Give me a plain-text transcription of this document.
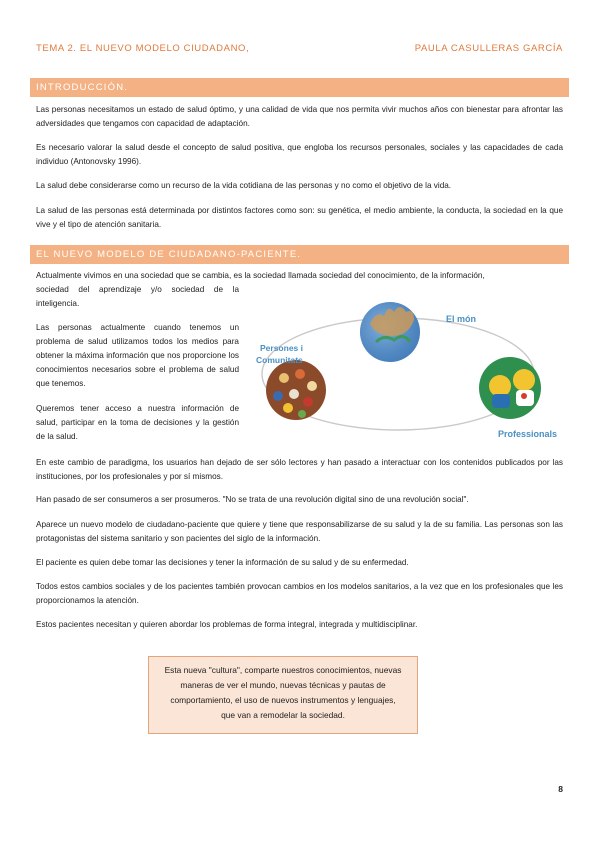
TEMA 2. EL NUEVO MODELO CIUDADANO,	PAULA CASULLERAS GARCÍA
INTRODUCCIÓN.
Las personas necesitamos un estado de salud óptimo, y una calidad de vida que nos permita vivir muchos años con bienestar para afrontar las adversidades que tengamos con capacidad de adaptación.
Es necesario valorar la salud desde el concepto de salud positiva, que engloba los recursos personales, sociales y las capacidades de cada individuo (Antonovsky 1996).
La salud debe considerarse como un recurso de la vida cotidiana de las personas y no como el objetivo de la vida.
La salud de las personas está determinada por distintos factores como son: su genética, el medio ambiente, la conducta, la sociedad en la que vive y el tipo de atención sanitaria.
EL NUEVO MODELO DE CIUDADANO-PACIENTE.
Actualmente vivimos en una sociedad que se cambia, es la sociedad llamada sociedad del conocimiento, de la información,
sociedad del aprendizaje y/o sociedad de la inteligencia.
Las personas actualmente cuando tenemos un problema de salud utilizamos todos los medios para obtener la máxima información que nos proporcione los conocimientos necesarios sobre el problema de salud que tenemos.
Queremos tener acceso a nuestra información de salud, participar en la toma de decisiones y la gestión de la salud.
El món
Persones i
Comunitats
Professionals
En este cambio de paradigma, los usuarios han dejado de ser sólo lectores y han pasado a interactuar con los contenidos publicados por las instituciones, por los profesionales y por sí mismos.
Han pasado de ser consumeros a ser prosumeros. "No se trata de una revolución digital sino de una revolución social".
Aparece un nuevo modelo de ciudadano-paciente que quiere y tiene que responsabilizarse de su salud y la de su familia. Las personas son las protagonistas del sistema sanitario y son pacientes del siglo de la información.
El paciente es quien debe tomar las decisiones y tener la información de su salud y de su enfermedad.
Todos estos cambios sociales y de los pacientes también provocan cambios en los modelos sanitarios, a la vez que en los profesionales que les proporcionamos la atención.
Estos pacientes necesitan y quieren abordar los problemas de forma integral, integrada y multidisciplinar.
Esta nueva "cultura", comparte nuestros conocimientos, nuevas maneras de ver el mundo, nuevas técnicas y pautas de comportamiento, el uso de nuevos instrumentos y lenguajes, que van a remodelar la sociedad.
8
